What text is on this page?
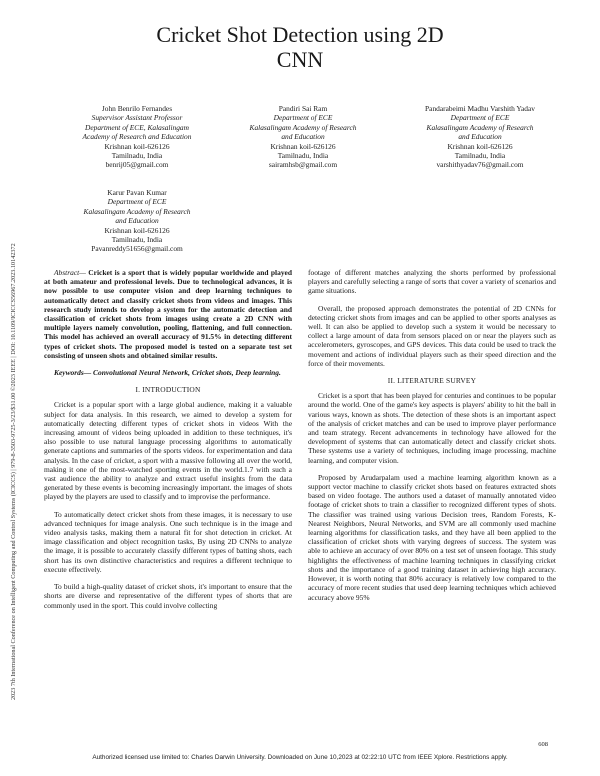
Cricket Shot Detection using 2D
CNN
2023 7th International Conference on Intelligent Computing and Control Systems (ICICCS) | 979-8-3503-9725-3/23/$31.00 ©2023 IEEE | DOI: 10.1109/ICICCS56967.2023.10142372
John Benrilo Fernandes
Supervisor Assistant Professor
Department of ECE, Kalasalingam
Academy of Research and Education
Krishnan koil-626126
Tamilnadu, India
benrij05@gmail.com
Pandiri Sai Ram
Department of ECE
Kalasalingam Academy of Research
and Education
Krishnan koil-626126
Tamilnadu, India
sairamhsb@gmail.com
Pandarabeimi Madhu Varshith Yadav
Department of ECE
Kalasalingam Academy of Research
and Education
Krishnan koil-626126
Tamilnadu, India
varshithyadav76@gmail.com
Karur Pavan Kumar
Department of ECE
Kalasalingam Academy of Research
and Education
Krishnan koil-626126
Tamilnadu, India
Pavanreddy51656@gmail.com

Abstract— Cricket is a sport that is widely popular worldwide and played at both amateur and professional levels. Due to technological advances, it is now possible to use computer vision and deep learning techniques to automatically detect and classify cricket shots from videos and images. This research study intends to develop a system for the automatic detection and classification of cricket shots from images using create a 2D CNN with multiple layers namely convolution, pooling, flattening, and full connection. This model has achieved an overall accuracy of 91.5% in detecting different types of cricket shots. The proposed model is tested on a separate test set consisting of unseen shots and obtained similar results.

Keywords— Convolutional Neural Network, Cricket shots, Deep learning.

I. INTRODUCTION

Cricket is a popular sport with a large global audience, making it a valuable subject for data analysis. In this research, we aimed to develop a system for automatically detecting different types of cricket shots in videos With the increasing amount of videos being uploaded in addition to these techniques, it's also possible to use natural language processing algorithms to automatically generate captions and summaries of the sports videos. for experimentation and data analysis. In the case of cricket, a sport with a massive following all over the world, making it one of the most-watched sporting events in the world.1.7 with such a vast audience the ability to analyze and extract useful insights from the data generated by these events is becoming increasingly important. the images of shots played by the players are used to classify and to improvise the performance.

To automatically detect cricket shots from these images, it is necessary to use advanced techniques for image analysis. One such technique is in the image and video analysis tasks, making them a natural fit for shot detection in cricket. At image classification and object recognition tasks, By using 2D CNNs to analyze the image, it is possible to accurately classify different types of batting shots, each short has its own distinctive characteristics and requires a different technique to execute effectively.

To build a high-quality dataset of cricket shots, it's important to ensure that the shorts are diverse and representative of the different types of shorts that are commonly used in the sport. This could involve collecting

footage of different matches analyzing the shorts performed by professional players and carefully selecting a range of sorts that cover a variety of scenarios and game situations.

Overall, the proposed approach demonstrates the potential of 2D CNNs for detecting cricket shots from images and can be applied to other sports analyses as well. It can also be applied to develop such a system it would be necessary to collect a large amount of data from sensors placed on or near the players such as accelerometers, gyroscopes, and GPS devices. This data could be used to track the movement and actions of individual players such as their speed direction and the force of their movements.

II. LITERATURE SURVEY

Cricket is a sport that has been played for centuries and continues to be popular around the world. One of the game's key aspects is players' ability to hit the ball in various ways, known as shots. The detection of these shots is an important aspect of the analysis of cricket matches and can be used to improve player performance and team strategy. Recent advancements in technology have allowed for the development of systems that can automatically detect and classify cricket shots. These systems use a variety of techniques, including image processing, machine learning, and computer vision.

Proposed by Arudarpalam used a machine learning algorithm known as a support vector machine to classify cricket shots based on features extracted shots based on video footage. The authors used a dataset of manually annotated video footage of cricket shots to train a classifier to recognized different types of shots. The classifier was trained using various Decision trees, Random Forests, K-Nearest Neighbors, Neural Networks, and SVM are all commonly used machine learning algorithms for classification tasks, and they have all been applied to the classification of cricket shots with varying degrees of success. The system was able to achieve an accuracy of over 80% on a test set of unseen footage. This study highlights the effectiveness of machine learning techniques in classifying cricket shots and the importance of a good training dataset in achieving high accuracy. However, it is worth noting that 80% accuracy is relatively low compared to the accuracy of more recent studies that used deep learning techniques which achieved accuracy above 95%

608
Authorized licensed use limited to: Charles Darwin University. Downloaded on June 10,2023 at 02:22:10 UTC from IEEE Xplore. Restrictions apply.
